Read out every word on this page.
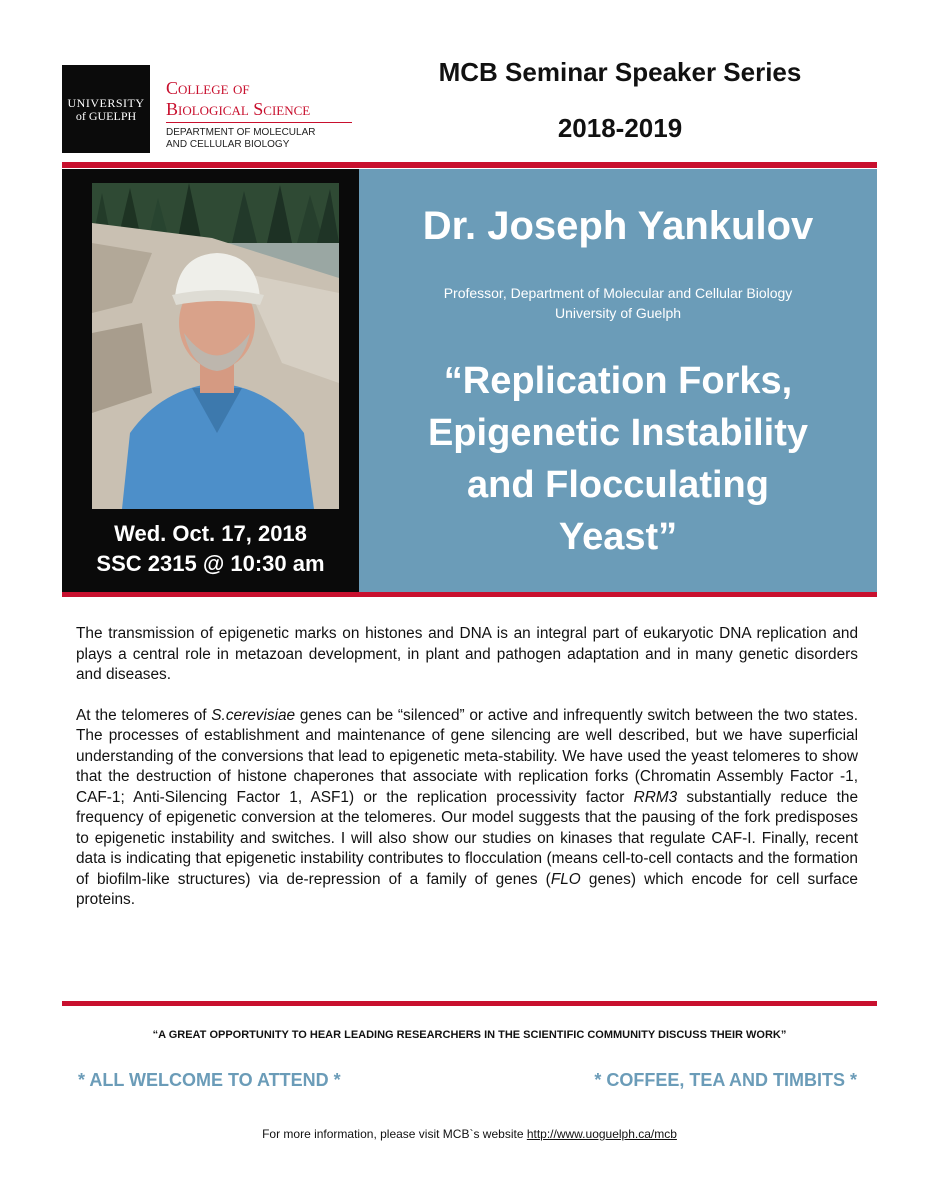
UNIVERSITY
of GUELPH
College of
Biological Science
DEPARTMENT OF MOLECULAR
AND CELLULAR BIOLOGY
MCB Seminar Speaker Series
2018-2019
Wed. Oct. 17, 2018
SSC 2315 @ 10:30 am
Dr. Joseph Yankulov
Professor, Department of Molecular and Cellular Biology
University of Guelph
“Replication Forks,
Epigenetic Instability
and Flocculating
Yeast”

The transmission of epigenetic marks on histones and DNA is an integral part of eukaryotic DNA replication and plays a central role in metazoan development, in plant and pathogen adaptation and in many genetic disorders and diseases.

At the telomeres of S.cerevisiae genes can be “silenced” or active and infrequently switch between the two states. The processes of establishment and maintenance of gene silencing are well described, but we have superficial understanding of the conversions that lead to epigenetic meta-stability. We have used the yeast telomeres to show that the destruction of histone chaperones that associate with replication forks (Chromatin Assembly Factor -1, CAF-1; Anti-Silencing Factor 1, ASF1) or the replication processivity factor RRM3 substantially reduce the frequency of epigenetic conversion at the telomeres. Our model suggests that the pausing of the fork predisposes to epigenetic instability and switches. I will also show our studies on kinases that regulate CAF-I. Finally, recent data is indicating that epigenetic instability contributes to flocculation (means cell-to-cell contacts and the formation of biofilm-like structures) via de-repression of a family of genes (FLO genes) which encode for cell surface proteins.

“A GREAT OPPORTUNITY TO HEAR LEADING RESEARCHERS IN THE SCIENTIFIC COMMUNITY DISCUSS THEIR WORK”
* ALL WELCOME TO ATTEND *	* COFFEE, TEA AND TIMBITS *
For more information, please visit MCB`s website http://www.uoguelph.ca/mcb
